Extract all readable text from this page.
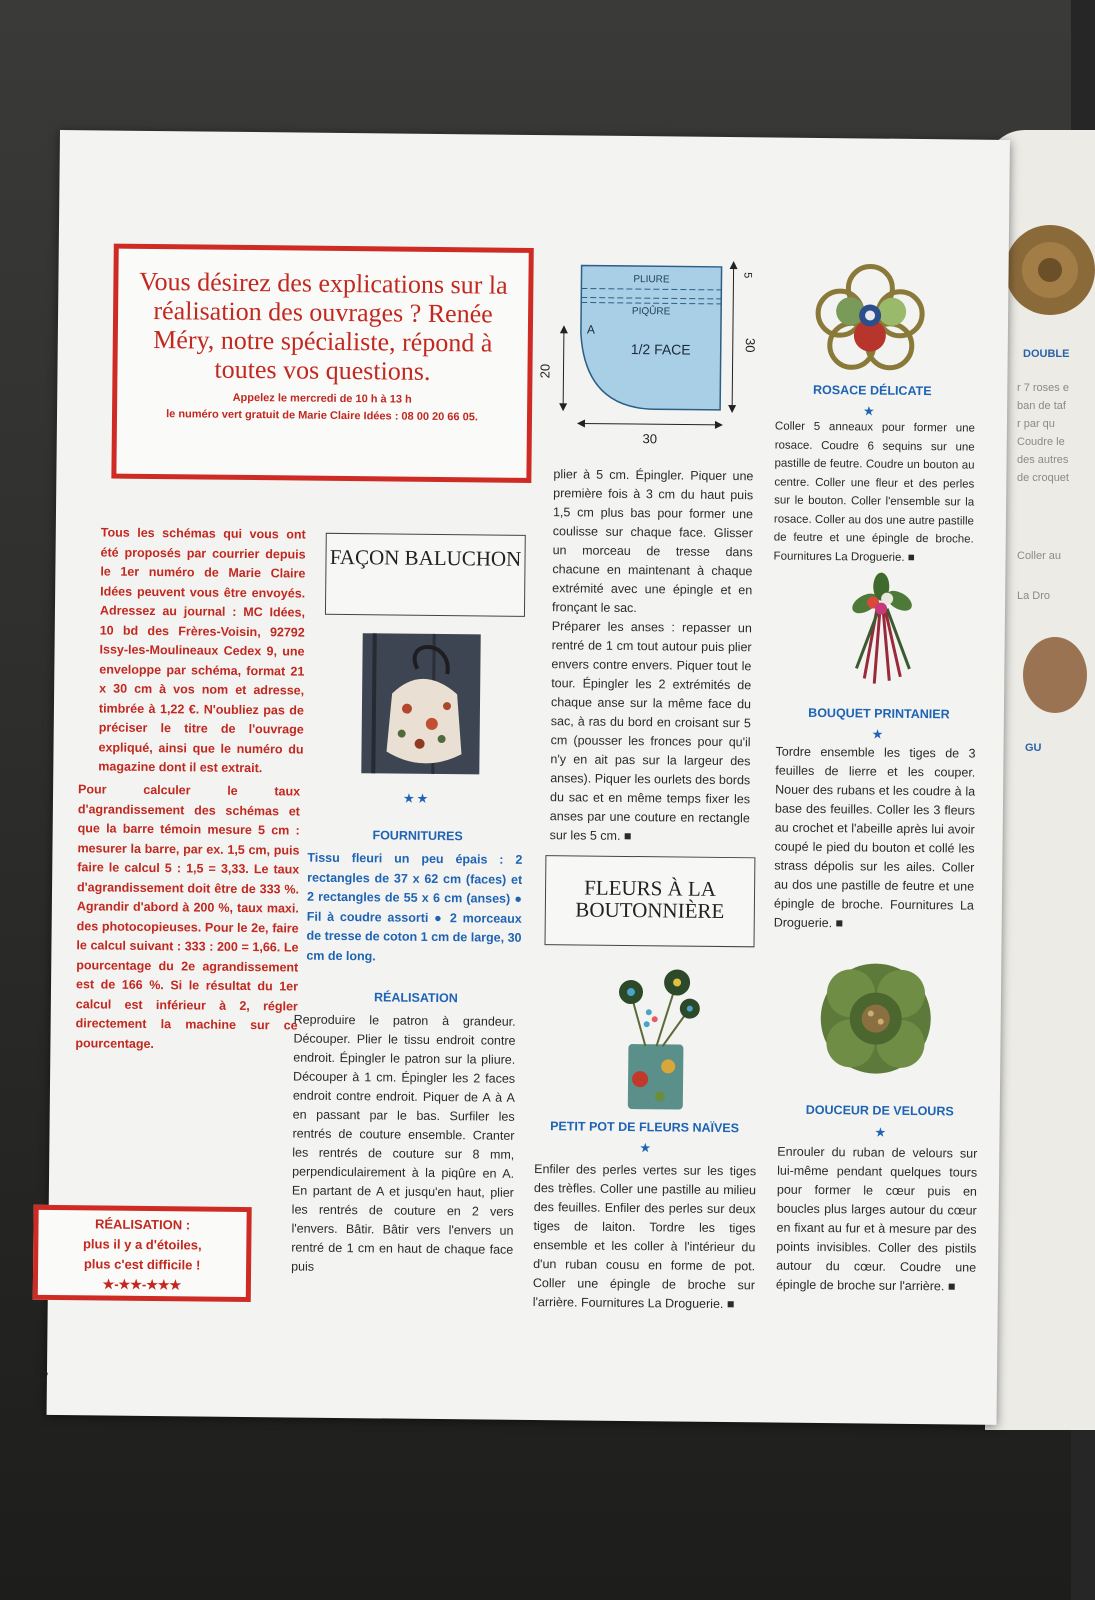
DOUBLE
r 7 roses e
ban de taf
r par qu
Coudre le
des autres
de croquet
Coller au
La Dro
GU
Vous désirez des explications sur la réalisation des ouvrages ? Renée Méry, notre spécialiste, répond à toutes vos questions.
Appelez le mercredi de 10 h à 13 h
le numéro vert gratuit de Marie Claire Idées : 08 00 20 66 05.
Tous les schémas qui vous ont été proposés par courrier depuis le 1er numéro de Marie Claire Idées peuvent vous être envoyés. Adressez au journal : MC Idées, 10 bd des Frères-Voisin, 92792 Issy-les-Moulineaux Cedex 9, une enveloppe par schéma, format 21 x 30 cm à vos nom et adresse, timbrée à 1,22 €. N'oubliez pas de préciser le titre de l'ouvrage expliqué, ainsi que le numéro du magazine dont il est extrait.
Pour calculer le taux d'agrandissement des schémas et que la barre témoin mesure 5 cm : mesurer la barre, par ex. 1,5 cm, puis faire le calcul 5 : 1,5 = 3,33. Le taux d'agrandissement doit être de 333 %. Agrandir d'abord à 200 %, taux maxi. des photocopieuses. Pour le 2e, faire le calcul suivant : 333 : 200 = 1,66. Le pourcentage du 2e agrandissement est de 166 %. Si le résultat du 1er calcul est inférieur à 2, régler directement la machine sur ce pourcentage.
RÉALISATION :
plus il y a d'étoiles,
plus c'est difficile !
★-★★-★★★
142
FAÇON BALUCHON
★★
FOURNITURES
Tissu fleuri un peu épais : 2 rectangles de 37 x 62 cm (faces) et 2 rectangles de 55 x 6 cm (anses) ● Fil à coudre assorti ● 2 morceaux de tresse de coton 1 cm de large, 30 cm de long.
RÉALISATION
Reproduire le patron à grandeur. Découper. Plier le tissu endroit contre endroit. Épingler le patron sur la pliure. Découper à 1 cm. Épingler les 2 faces endroit contre endroit. Piquer de A à A en passant par le bas. Surfiler les rentrés de couture ensemble. Cranter les rentrés de couture sur 8 mm, perpendiculairement à la piqûre en A. En partant de A et jusqu'en haut, plier les rentrés de couture en 2 vers l'envers. Bâtir. Bâtir vers l'envers un rentré de 1 cm en haut de chaque face puis
PLIURE
PIQÛRE
1/2 FACE
A
20
30
5
30
plier à 5 cm. Épingler. Piquer une première fois à 3 cm du haut puis 1,5 cm plus bas pour former une coulisse sur chaque face. Glisser un morceau de tresse dans chacune en maintenant à chaque extrémité avec une épingle et en fronçant le sac.
Préparer les anses : repasser un rentré de 1 cm tout autour puis plier envers contre envers. Piquer tout le tour. Épingler les 2 extrémités de chaque anse sur la même face du sac, à ras du bord en croisant sur 5 cm (pousser les fronces pour qu'il n'y en ait pas sur la largeur des anses). Piquer les ourlets des bords du sac et en même temps fixer les anses par une couture en rectangle sur les 5 cm. ■
FLEURS À LA BOUTONNIÈRE
PETIT POT DE FLEURS NAÏVES
★
Enfiler des perles vertes sur les tiges des trèfles. Coller une pastille au milieu des feuilles. Enfiler des perles sur deux tiges de laiton. Tordre les tiges ensemble et les coller à l'intérieur du d'un ruban cousu en forme de pot. Coller une épingle de broche sur l'arrière. Fournitures La Droguerie. ■
ROSACE DÉLICATE
★
Coller 5 anneaux pour former une rosace. Coudre 6 sequins sur une pastille de feutre. Coudre un bouton au centre. Coller une fleur et des perles sur le bouton. Coller l'ensemble sur la rosace. Coller au dos une autre pastille de feutre et une épingle de broche. Fournitures La Droguerie. ■
BOUQUET PRINTANIER
★
Tordre ensemble les tiges de 3 feuilles de lierre et les couper. Nouer des rubans et les coudre à la base des feuilles. Coller les 3 fleurs au crochet et l'abeille après lui avoir coupé le pied du bouton et collé les strass dépolis sur les ailes. Coller au dos une pastille de feutre et une épingle de broche. Fournitures La Droguerie. ■
DOUCEUR DE VELOURS
★
Enrouler du ruban de velours sur lui-même pendant quelques tours pour former le cœur puis en boucles plus larges autour du cœur en fixant au fur et à mesure par des points invisibles. Coller des pistils autour du cœur. Coudre une épingle de broche sur l'arrière. ■
